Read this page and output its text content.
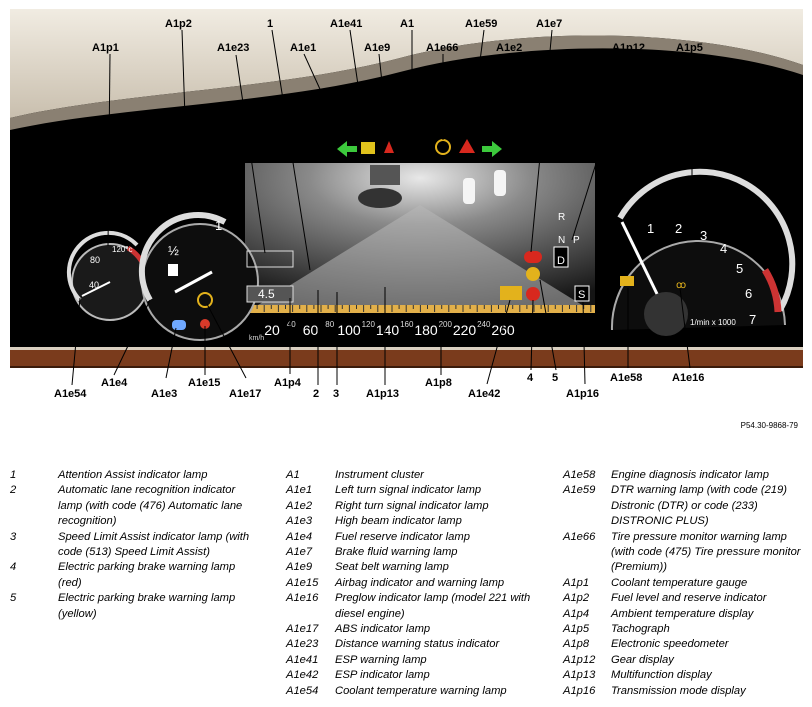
20 60 100 140 180 220 260
40	80	120	160	200	240
km/h
80
40
120°c
1
½
4.5
R
N P
D
S
1 2 3
4
5
6
7
1/min x 1000
ꝏ
A1p1
A1p2	1	A1e41	A1	A1e59	A1e7
A1e23	A1e1	A1e9	A1e66	A1e2	A1p12	A1p5
A1e4	A1e15
A1e3	A1e17
A1e54
A1p4
2 3 A1p13
A1p8
A1e42
4 5
A1p16
A1e58	A1e16
P54.30-9868-79
1	Attention Assist indicator lamp
2	Automatic lane recognition indicator lamp (with code (476) Automatic lane recognition)
3	Speed Limit Assist indicator lamp (with code (513) Speed Limit Assist)
4	Electric parking brake warning lamp (red)
5	Electric parking brake warning lamp (yellow)
A1	Instrument cluster
A1e1	Left turn signal indicator lamp
A1e2	Right turn signal indicator lamp
A1e3	High beam indicator lamp
A1e4	Fuel reserve indicator lamp
A1e7	Brake fluid warning lamp
A1e9	Seat belt warning lamp
A1e15	Airbag indicator and warning lamp
A1e16	Preglow indicator lamp (model 221 with diesel engine)
A1e17	ABS indicator lamp
A1e23	Distance warning status indicator
A1e41	ESP warning lamp
A1e42	ESP indicator lamp
A1e54	Coolant temperature warning lamp
A1e58	Engine diagnosis indicator lamp
A1e59	DTR warning lamp (with code (219) Distronic (DTR) or code (233) DISTRONIC PLUS)
A1e66	Tire pressure monitor warning lamp (with code (475) Tire pressure monitor (Premium))
A1p1	Coolant temperature gauge
A1p2	Fuel level and reserve indicator
A1p4	Ambient temperature display
A1p5	Tachograph
A1p8	Electronic speedometer
A1p12	Gear display
A1p13	Multifunction display
A1p16	Transmission mode display
